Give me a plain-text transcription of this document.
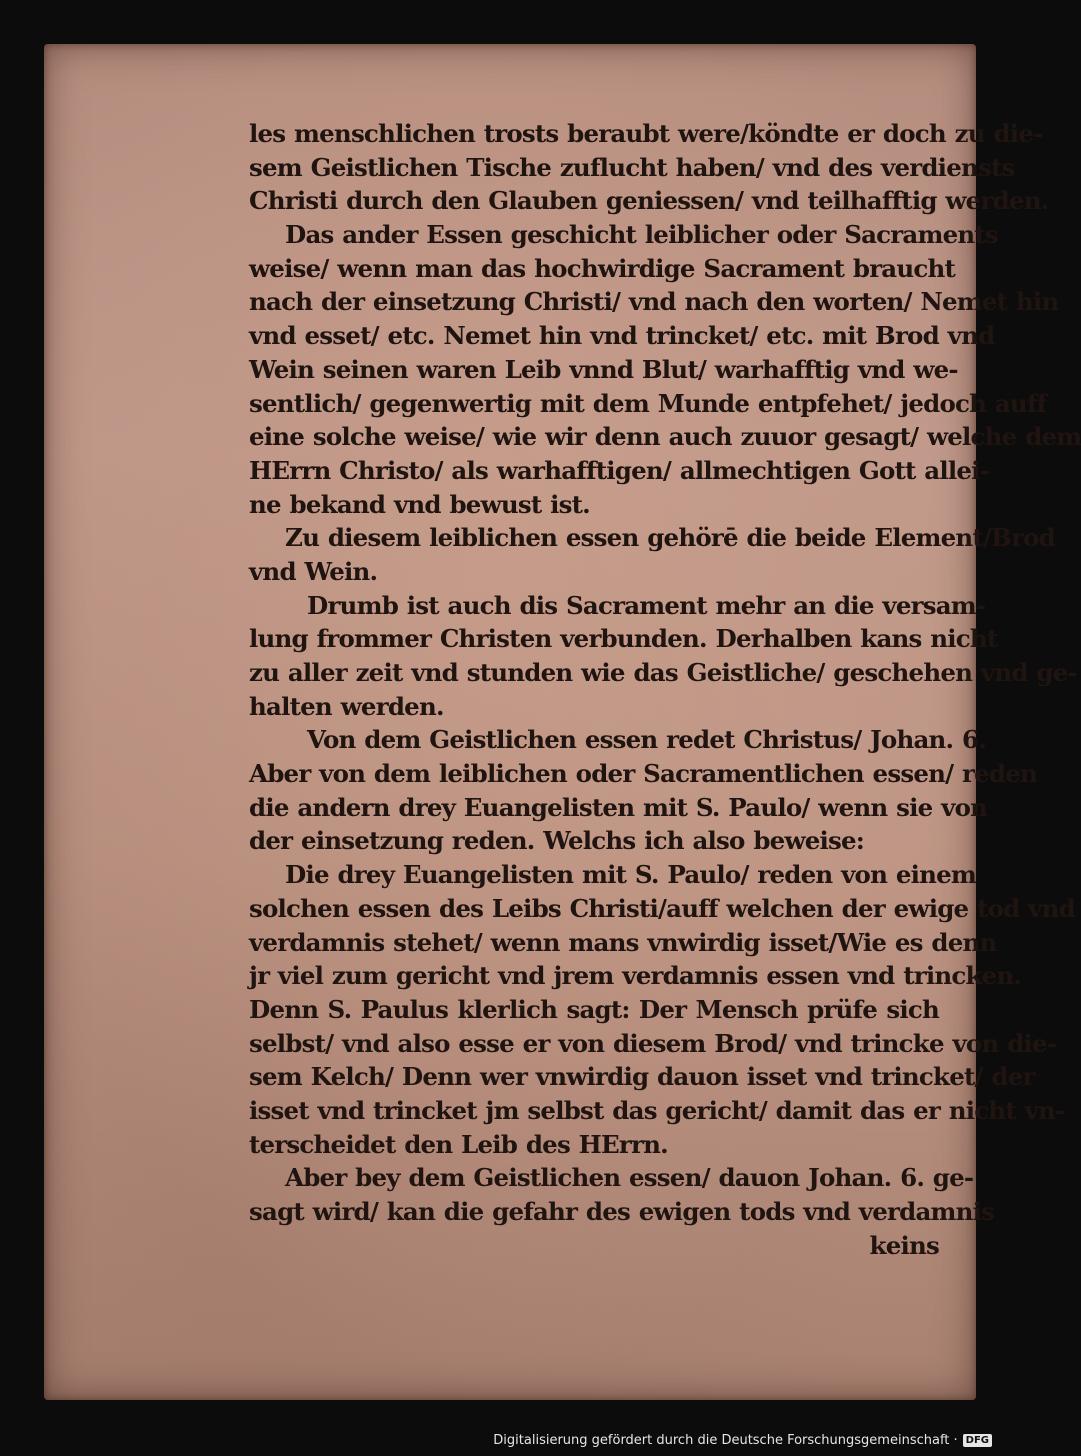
les menschlichen trosts beraubt were/köndte er doch zu die-
sem Geistlichen Tische zuflucht haben/ vnd des verdiensts
Christi durch den Glauben geniessen/ vnd teilhafftig werden.
Das ander Essen geschicht leiblicher oder Sacraments
weise/ wenn man das hochwirdige Sacrament braucht
nach der einsetzung Christi/ vnd nach den worten/ Nemet hin
vnd esset/ etc. Nemet hin vnd trincket/ etc. mit Brod vnd
Wein seinen waren Leib vnnd Blut/ warhafftig vnd we-
sentlich/ gegenwertig mit dem Munde entpfehet/ jedoch auff
eine solche weise/ wie wir denn auch zuuor gesagt/ welche dem
HErrn Christo/ als warhafftigen/ allmechtigen Gott allei-
ne bekand vnd bewust ist.
Zu diesem leiblichen essen gehörē die beide Element/Brod
vnd Wein.
Drumb ist auch dis Sacrament mehr an die versam-
lung frommer Christen verbunden. Derhalben kans nicht
zu aller zeit vnd stunden wie das Geistliche/ geschehen vnd ge-
halten werden.
Von dem Geistlichen essen redet Christus/ Johan. 6.
Aber von dem leiblichen oder Sacramentlichen essen/ reden
die andern drey Euangelisten mit S. Paulo/ wenn sie von
der einsetzung reden. Welchs ich also beweise:
Die drey Euangelisten mit S. Paulo/ reden von einem
solchen essen des Leibs Christi/auff welchen der ewige tod vnd
verdamnis stehet/ wenn mans vnwirdig isset/Wie es denn
jr viel zum gericht vnd jrem verdamnis essen vnd trincken.
Denn S. Paulus klerlich sagt: Der Mensch prüfe sich
selbst/ vnd also esse er von diesem Brod/ vnd trincke von die-
sem Kelch/ Denn wer vnwirdig dauon isset vnd trincket/ der
isset vnd trincket jm selbst das gericht/ damit das er nicht vn-
terscheidet den Leib des HErrn.
Aber bey dem Geistlichen essen/ dauon Johan. 6. ge-
sagt wird/ kan die gefahr des ewigen tods vnd verdamnis
keins
Digitalisierung gefördert durch die Deutsche Forschungsgemeinschaft · DFG
